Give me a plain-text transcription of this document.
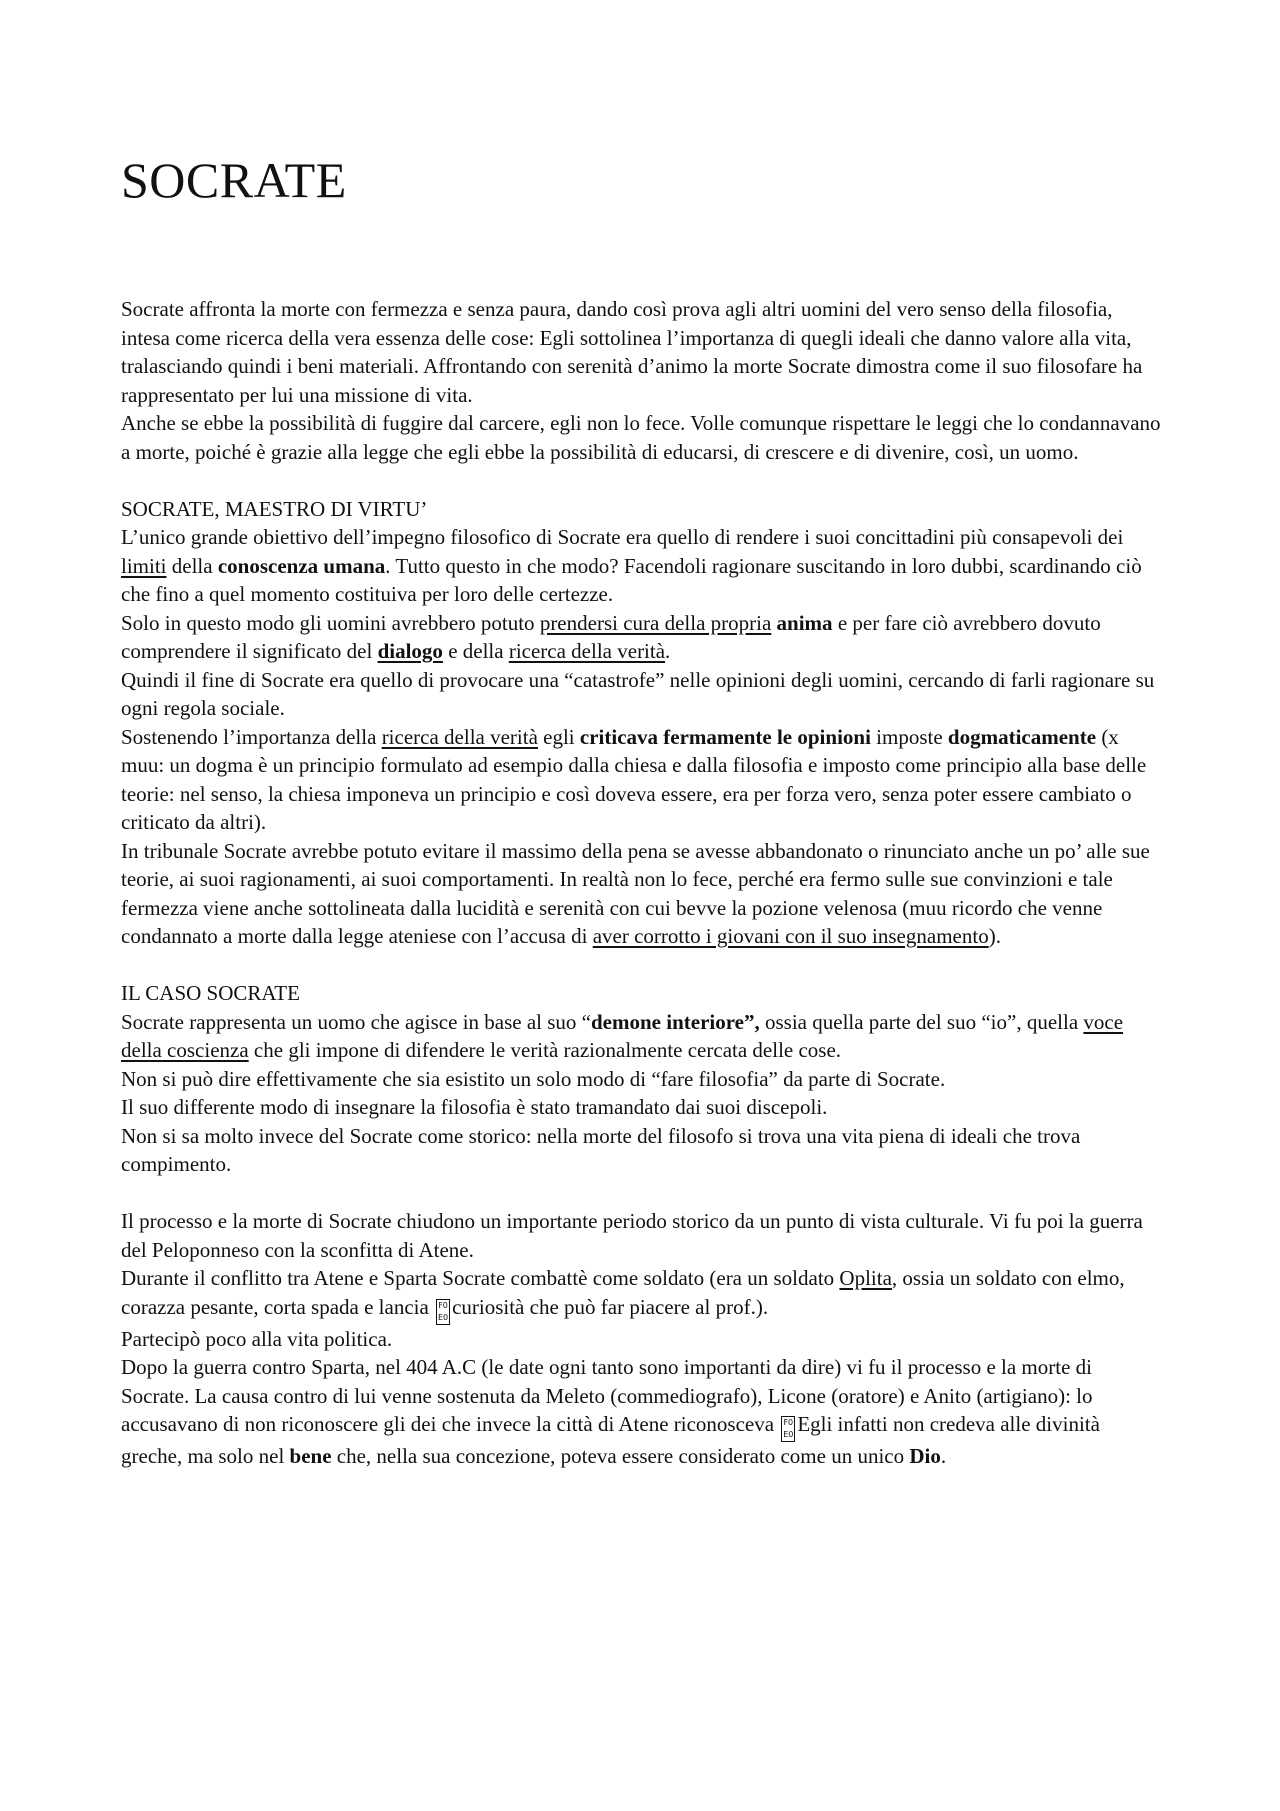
SOCRATE

Socrate affronta la morte con fermezza e senza paura, dando così prova agli altri uomini del vero senso della filosofia, intesa come ricerca della vera essenza delle cose: Egli sottolinea l’importanza di quegli ideali che danno valore alla vita, tralasciando quindi i beni materiali. Affrontando con serenità d’animo la morte Socrate dimostra come il suo filosofare ha rappresentato per lui una missione di vita.

Anche se ebbe la possibilità di fuggire dal carcere, egli non lo fece. Volle comunque rispettare le leggi che lo condannavano a morte, poiché è grazie alla legge che egli ebbe la possibilità di educarsi, di crescere e di divenire, così, un uomo.

SOCRATE, MAESTRO DI VIRTU’

L’unico grande obiettivo dell’impegno filosofico di Socrate era quello di rendere i suoi concittadini più consapevoli dei limiti della conoscenza umana. Tutto questo in che modo? Facendoli ragionare suscitando in loro dubbi, scardinando ciò che fino a quel momento costituiva per loro delle certezze.

Solo in questo modo gli uomini avrebbero potuto prendersi cura della propria anima e per fare ciò avrebbero dovuto comprendere il significato del dialogo e della ricerca della verità.

Quindi il fine di Socrate era quello di provocare una “catastrofe” nelle opinioni degli uomini, cercando di farli ragionare su ogni regola sociale.

Sostenendo l’importanza della ricerca della verità egli criticava fermamente le opinioni imposte dogmaticamente (x muu: un dogma è un principio formulato ad esempio dalla chiesa e dalla filosofia e imposto come principio alla base delle teorie: nel senso, la chiesa imponeva un principio e così doveva essere, era per forza vero, senza poter essere cambiato o criticato da altri).

In tribunale Socrate avrebbe potuto evitare il massimo della pena se avesse abbandonato o rinunciato anche un po’ alle sue teorie, ai suoi ragionamenti, ai suoi comportamenti. In realtà non lo fece, perché era fermo sulle sue convinzioni e tale fermezza viene anche sottolineata dalla lucidità e serenità con cui bevve la pozione velenosa (muu ricordo che venne condannato a morte dalla legge ateniese con l’accusa di aver corrotto i giovani con il suo insegnamento).

IL CASO SOCRATE

Socrate rappresenta un uomo che agisce in base al suo “demone interiore”, ossia quella parte del suo “io”, quella voce della coscienza che gli impone di difendere le verità razionalmente cercata delle cose.

Non si può dire effettivamente che sia esistito un solo modo di “fare filosofia” da parte di Socrate.

Il suo differente modo di insegnare la filosofia è stato tramandato dai suoi discepoli.

Non si sa molto invece del Socrate come storico: nella morte del filosofo si trova una vita piena di ideali che trova compimento.

Il processo e la morte di Socrate chiudono un importante periodo storico da un punto di vista culturale. Vi fu poi la guerra del Peloponneso con la sconfitta di Atene.

Durante il conflitto tra Atene e Sparta Socrate combattè come soldato (era un soldato Oplita, ossia un soldato con elmo, corazza pesante, corta spada e lancia F0
E0 curiosità che può far piacere al prof.).

Partecipò poco alla vita politica.

Dopo la guerra contro Sparta, nel 404 A.C (le date ogni tanto sono importanti da dire) vi fu il processo e la morte di Socrate. La causa contro di lui venne sostenuta da Meleto (commediografo), Licone (oratore) e Anito (artigiano): lo accusavano di non riconoscere gli dei che invece la città di Atene riconosceva F0
E0 Egli infatti non credeva alle divinità greche, ma solo nel bene che, nella sua concezione, poteva essere considerato come un unico Dio.
